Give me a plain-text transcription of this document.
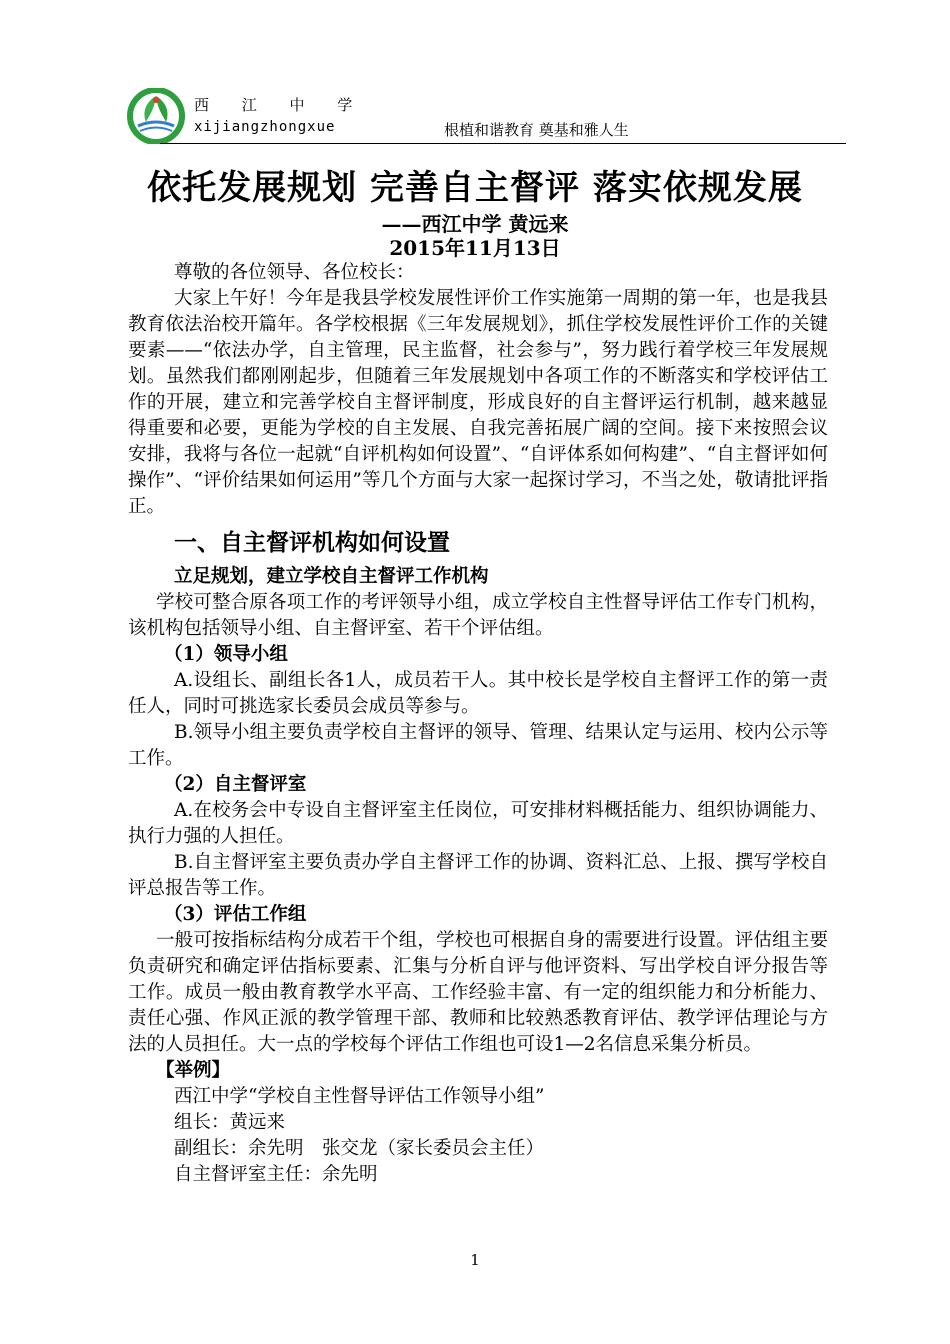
西 江 中 学
xijiangzhongxue	根植和谐教育 奠基和雅人生
依托发展规划 完善自主督评 落实依规发展
——西江中学 黄远来
2015年11月13日

尊敬的各位领导、各位校长：

大家上午好！今年是我县学校发展性评价工作实施第一周期的第一年，也是我县教育依法治校开篇年。各学校根据《三年发展规划》，抓住学校发展性评价工作的关键要素——“依法办学，自主管理，民主监督，社会参与”，努力践行着学校三年发展规划。虽然我们都刚刚起步，但随着三年发展规划中各项工作的不断落实和学校评估工作的开展，建立和完善学校自主督评制度，形成良好的自主督评运行机制，越来越显得重要和必要，更能为学校的自主发展、自我完善拓展广阔的空间。接下来按照会议安排，我将与各位一起就“自评机构如何设置”、“自评体系如何构建”、“自主督评如何操作”、“评价结果如何运用”等几个方面与大家一起探讨学习，不当之处，敬请批评指正。

一、自主督评机构如何设置

立足规划，建立学校自主督评工作机构

学校可整合原各项工作的考评领导小组，成立学校自主性督导评估工作专门机构，该机构包括领导小组、自主督评室、若干个评估组。

（1）领导小组

A.设组长、副组长各1人，成员若干人。其中校长是学校自主督评工作的第一责任人，同时可挑选家长委员会成员等参与。

B.领导小组主要负责学校自主督评的领导、管理、结果认定与运用、校内公示等工作。

（2）自主督评室

A.在校务会中专设自主督评室主任岗位，可安排材料概括能力、组织协调能力、执行力强的人担任。

B.自主督评室主要负责办学自主督评工作的协调、资料汇总、上报、撰写学校自评总报告等工作。

（3）评估工作组

一般可按指标结构分成若干个组，学校也可根据自身的需要进行设置。评估组主要负责研究和确定评估指标要素、汇集与分析自评与他评资料、写出学校自评分报告等工作。成员一般由教育教学水平高、工作经验丰富、有一定的组织能力和分析能力、责任心强、作风正派的教学管理干部、教师和比较熟悉教育评估、教学评估理论与方法的人员担任。大一点的学校每个评估工作组也可设1—2名信息采集分析员。

【举例】

西江中学“学校自主性督导评估工作领导小组”

组长：黄远来

副组长：余先明　张交龙（家长委员会主任）

自主督评室主任：余先明

1
